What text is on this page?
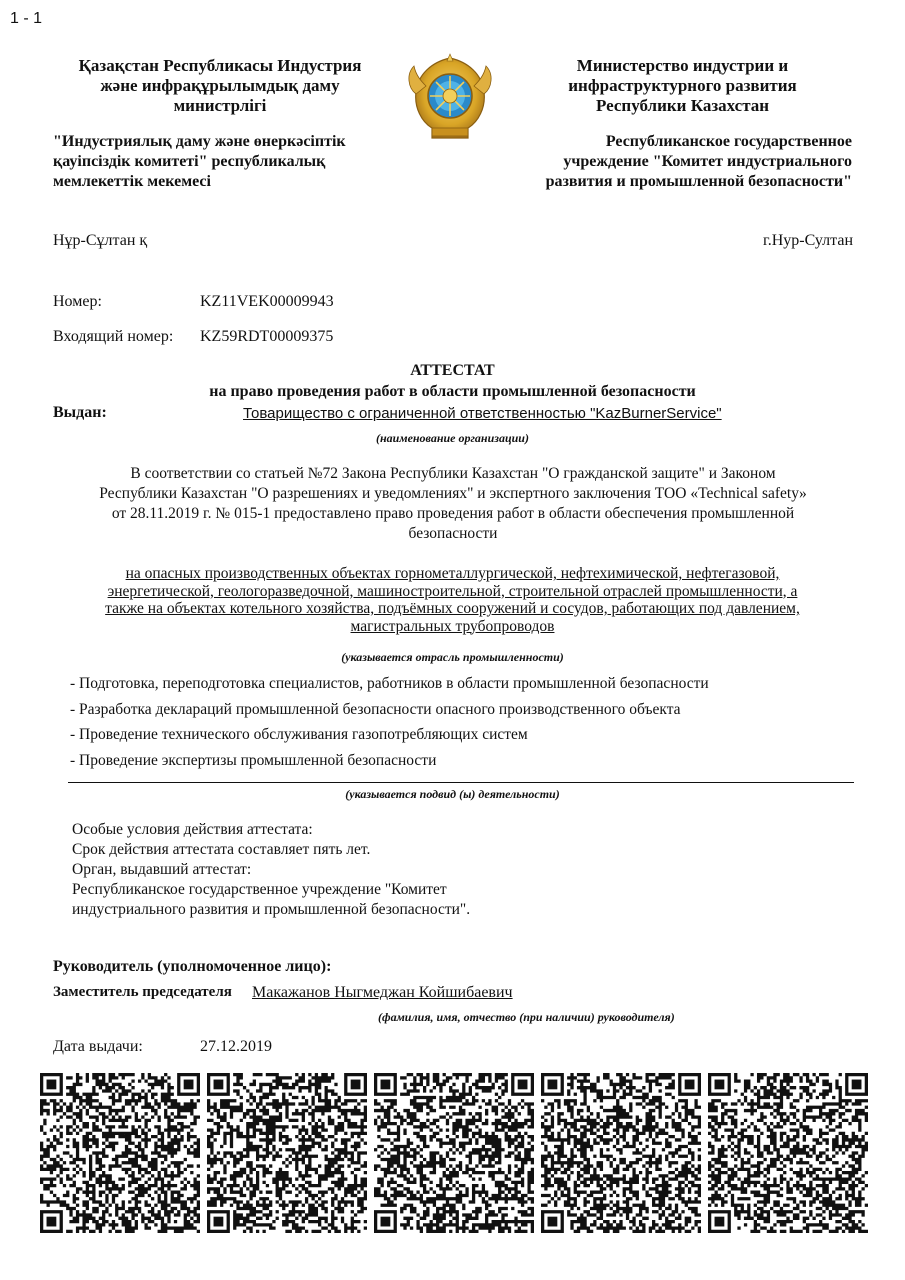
1 - 1
Қазақстан Республикасы Индустрия
және инфрақұрылымдық даму
министрлігі
Министерство индустрии и
инфраструктурного развития
Республики Казахстан
"Индустриялық даму және өнеркәсіптік
қауіпсіздік комитеті" республикалық
мемлекеттік мекемесі
Республиканское государственное
учреждение "Комитет индустриального
развития и промышленной безопасности"
Нұр-Сұлтан қ	г.Нур-Султан
Номер:	KZ11VEK00009943
Входящий номер: KZ59RDT00009375
АТТЕСТАТ
на право проведения работ в области промышленной безопасности
Выдан:	Товарищество с ограниченной ответственностью "KazBurnerService"
(наименование организации)
В соответствии со статьей №72 Закона Республики Казахстан "О гражданской защите" и Законом
Республики Казахстан "О разрешениях и уведомлениях" и экспертного заключения ТОО «Technical safety»
от 28.11.2019 г. № 015-1 предоставлено право проведения работ в области обеспечения промышленной
безопасности
на опасных производственных объектах горнометаллургической, нефтехимической, нефтегазовой,
энергетической, геологоразведочной, машиностроительной, строительной отраслей промышленности, а
также на объектах котельного хозяйства, подъёмных сооружений и сосудов, работающих под давлением,
магистральных трубопроводов
(указывается отрасль промышленности)
- Подготовка, переподготовка специалистов, работников в области промышленной безопасности
- Разработка деклараций промышленной безопасности опасного производственного объекта
- Проведение технического обслуживания газопотребляющих систем
- Проведение экспертизы промышленной безопасности
(указывается подвид (ы) деятельности)
Особые условия действия аттестата:
Срок действия аттестата составляет пять лет.
Орган, выдавший аттестат:
Республиканское государственное учреждение "Комитет
индустриального развития и промышленной безопасности".
Руководитель (уполномоченное лицо):
Заместитель председателя Макажанов Ныгмеджан Койшибаевич
(фамилия, имя, отчество (при наличии) руководителя)
Дата выдачи:	27.12.2019
